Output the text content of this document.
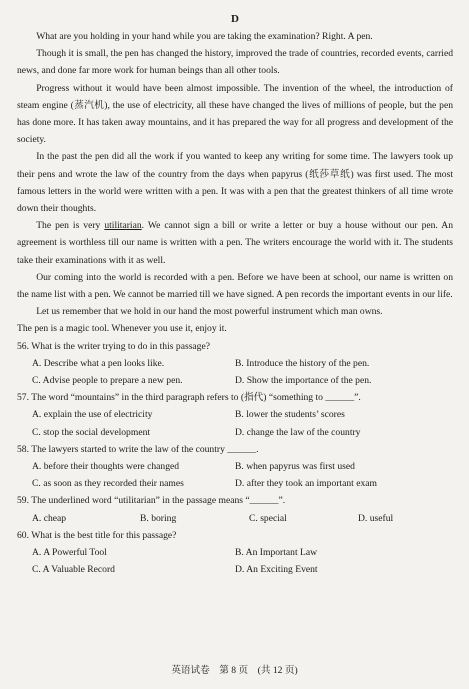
D

What are you holding in your hand while you are taking the examination? Right. A pen.

Though it is small, the pen has changed the history, improved the trade of countries, recorded events, carried news, and done far more work for human beings than all other tools.

Progress without it would have been almost impossible. The invention of the wheel, the introduction of steam engine (蒸汽机), the use of electricity, all these have changed the lives of millions of people, but the pen has done more. It has taken away mountains, and it has prepared the way for all progress and development of the society.

In the past the pen did all the work if you wanted to keep any writing for some time. The lawyers took up their pens and wrote the law of the country from the days when papyrus (纸莎草纸) was first used. The most famous letters in the world were written with a pen. It was with a pen that the greatest thinkers of all time wrote down their thoughts.

The pen is very utilitarian. We cannot sign a bill or write a letter or buy a house without our pen. An agreement is worthless till our name is written with a pen. The writers encourage the world with it. The students take their examinations with it as well.

Our coming into the world is recorded with a pen. Before we have been at school, our name is written on the name list with a pen. We cannot be married till we have signed. A pen records the important events in our life.

Let us remember that we hold in our hand the most powerful instrument which man owns.

The pen is a magic tool. Whenever you use it, enjoy it.

56. What is the writer trying to do in this passage?

A. Describe what a pen looks like.	B. Introduce the history of the pen.
C. Advise people to prepare a new pen.	D. Show the importance of the pen.

57. The word “mountains” in the third paragraph refers to (指代) “something to ______”.

A. explain the use of electricity	B. lower the students’ scores
C. stop the social development	D. change the law of the country

58. The lawyers started to write the law of the country ______.

A. before their thoughts were changed	B. when papyrus was first used
C. as soon as they recorded their names	D. after they took an important exam

59. The underlined word “utilitarian” in the passage means “______”.

A. cheap	B. boring	C. special	D. useful

60. What is the best title for this passage?

A. A Powerful Tool	B. An Important Law
C. A Valuable Record	D. An Exciting Event
英语试卷　第 8 页　(共 12 页)
